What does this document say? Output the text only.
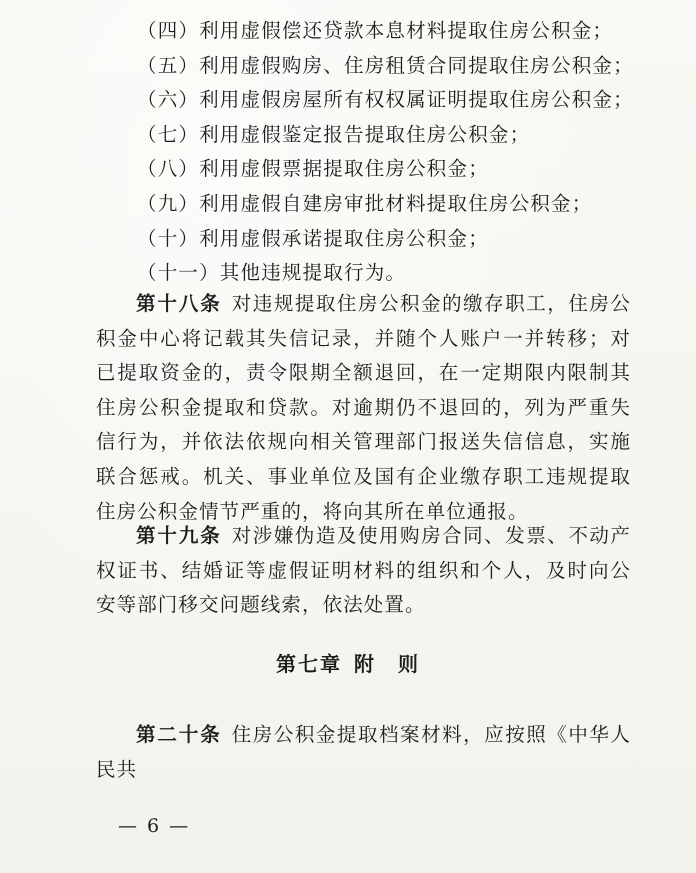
（四）利用虚假偿还贷款本息材料提取住房公积金；
（五）利用虚假购房、住房租赁合同提取住房公积金；
（六）利用虚假房屋所有权权属证明提取住房公积金；
（七）利用虚假鉴定报告提取住房公积金；
（八）利用虚假票据提取住房公积金；
（九）利用虚假自建房审批材料提取住房公积金；
（十）利用虚假承诺提取住房公积金；
（十一）其他违规提取行为。

第十八条 对违规提取住房公积金的缴存职工，住房公积金中心将记载其失信记录，并随个人账户一并转移；对已提取资金的，责令限期全额退回，在一定期限内限制其住房公积金提取和贷款。对逾期仍不退回的，列为严重失信行为，并依法依规向相关管理部门报送失信信息，实施联合惩戒。机关、事业单位及国有企业缴存职工违规提取住房公积金情节严重的，将向其所在单位通报。

第十九条 对涉嫌伪造及使用购房合同、发票、不动产权证书、结婚证等虚假证明材料的组织和个人，及时向公安等部门移交问题线索，依法处置。

第七章 附　则

第二十条 住房公积金提取档案材料，应按照《中华人民共

— 6 —
